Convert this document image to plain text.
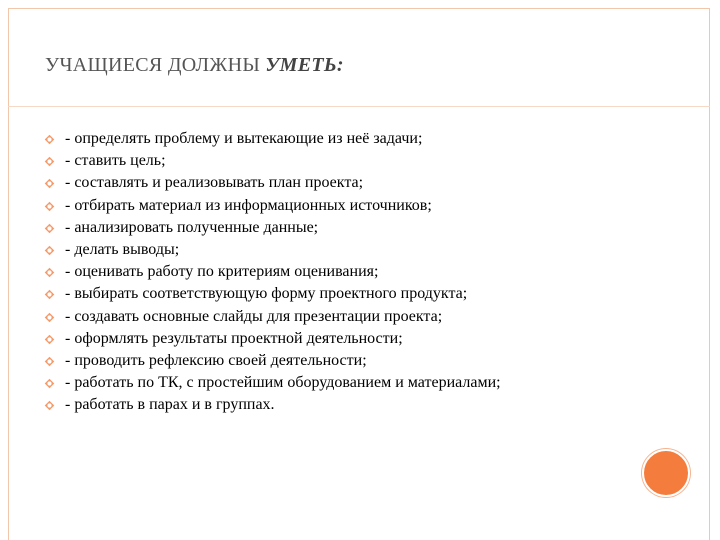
УЧАЩИЕСЯ ДОЛЖНЫ УМЕТЬ:
- определять проблему и вытекающие из неё задачи;
- ставить цель;
- составлять и реализовывать план проекта;
- отбирать материал из информационных источников;
- анализировать полученные данные;
- делать выводы;
- оценивать работу по критериям оценивания;
- выбирать соответствующую форму проектного продукта;
- создавать основные слайды для презентации проекта;
- оформлять результаты проектной деятельности;
- проводить рефлексию своей деятельности;
- работать по ТК, с простейшим оборудованием и материалами;
- работать в парах и в группах.
